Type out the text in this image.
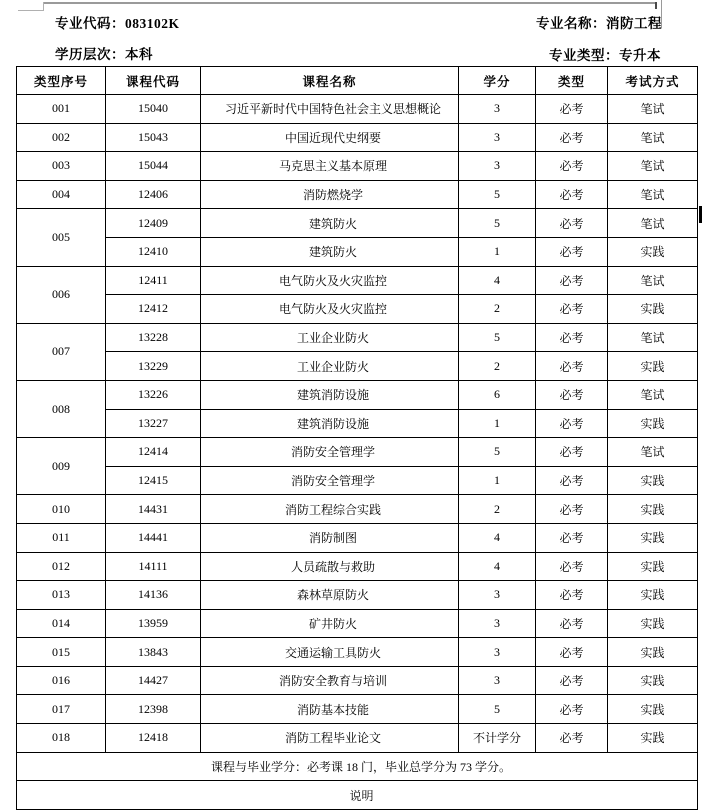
专业代码：083102K	专业名称：消防工程
学历层次：本科	专业类型：专升本
类型序号	课程代码	课程名称	学分	类型	考试方式
001	15040	习近平新时代中国特色社会主义思想概论	3	必考	笔试
002	15043	中国近现代史纲要	3	必考	笔试
003	15044	马克思主义基本原理	3	必考	笔试
004	12406	消防燃烧学	5	必考	笔试
005	12409	建筑防火	5	必考	笔试
	12410	建筑防火	1	必考	实践
006	12411	电气防火及火灾监控	4	必考	笔试
	12412	电气防火及火灾监控	2	必考	实践
007	13228	工业企业防火	5	必考	笔试
	13229	工业企业防火	2	必考	实践
008	13226	建筑消防设施	6	必考	笔试
	13227	建筑消防设施	1	必考	实践
009	12414	消防安全管理学	5	必考	笔试
	12415	消防安全管理学	1	必考	实践
010	14431	消防工程综合实践	2	必考	实践
011	14441	消防制图	4	必考	实践
012	14111	人员疏散与救助	4	必考	实践
013	14136	森林草原防火	3	必考	实践
014	13959	矿井防火	3	必考	实践
015	13843	交通运输工具防火	3	必考	实践
016	14427	消防安全教育与培训	3	必考	实践
017	12398	消防基本技能	5	必考	实践
018	12418	消防工程毕业论文	不计学分	必考	实践
课程与毕业学分：必考课 18 门，毕业总学分为 73 学分。					
说明					
